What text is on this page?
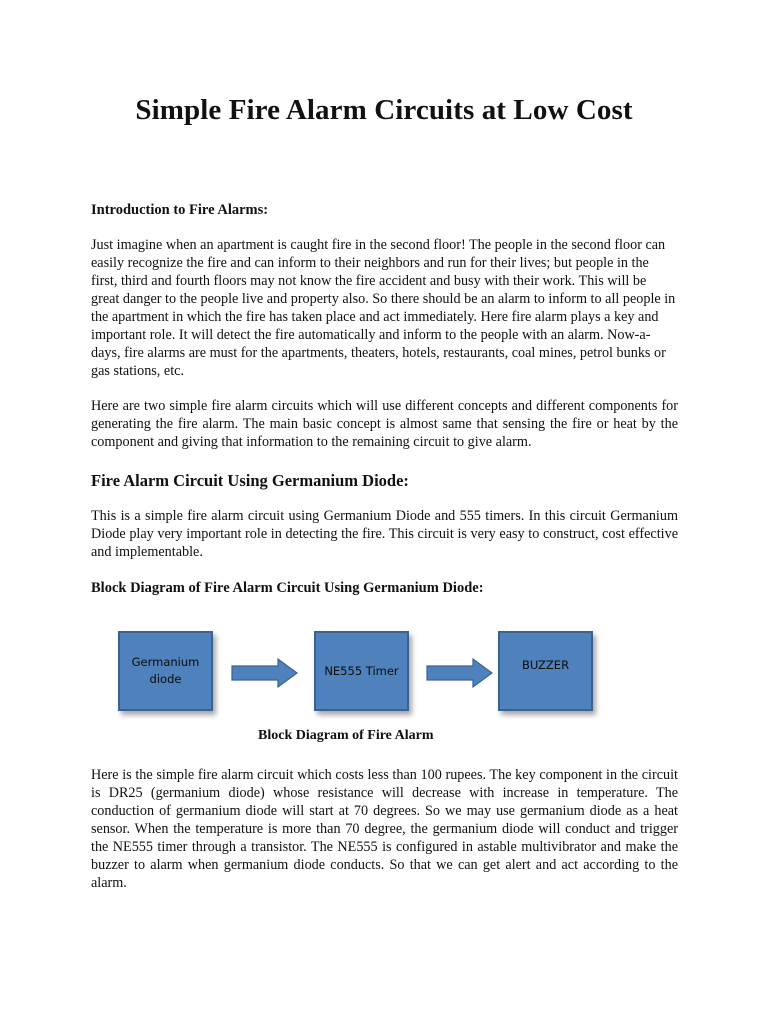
Simple Fire Alarm Circuits at Low Cost
Introduction to Fire Alarms:

Just imagine when an apartment is caught fire in the second floor! The people in the second floor can easily recognize the fire and can inform to their neighbors and run for their lives; but people in the first, third and fourth floors may not know the fire accident and busy with their work. This will be great danger to the people live and property also. So there should be an alarm to inform to all people in the apartment in which the fire has taken place and act immediately. Here fire alarm plays a key and important role. It will detect the fire automatically and inform to the people with an alarm. Now-a-days, fire alarms are must for the apartments, theaters, hotels, restaurants, coal mines, petrol bunks or gas stations, etc.

Here are two simple fire alarm circuits which will use different concepts and different components for generating the fire alarm. The main basic concept is almost same that sensing the fire or heat by the component and giving that information to the remaining circuit to give alarm.

Fire Alarm Circuit Using Germanium Diode:

This is a simple fire alarm circuit using Germanium Diode and 555 timers. In this circuit Germanium Diode play very important role in detecting the fire. This circuit is very easy to construct, cost effective and implementable.

Block Diagram of Fire Alarm Circuit Using Germanium Diode:
Germanium
diode
NE555 Timer	BUZZER
Block Diagram of Fire Alarm

Here is the simple fire alarm circuit which costs less than 100 rupees. The key component in the circuit is DR25 (germanium diode) whose resistance will decrease with increase in temperature. The conduction of germanium diode will start at 70 degrees. So we may use germanium diode as a heat sensor. When the temperature is more than 70 degree, the germanium diode will conduct and trigger the NE555 timer through a transistor. The NE555 is configured in astable multivibrator and make the buzzer to alarm when germanium diode conducts. So that we can get alert and act according to the alarm.
